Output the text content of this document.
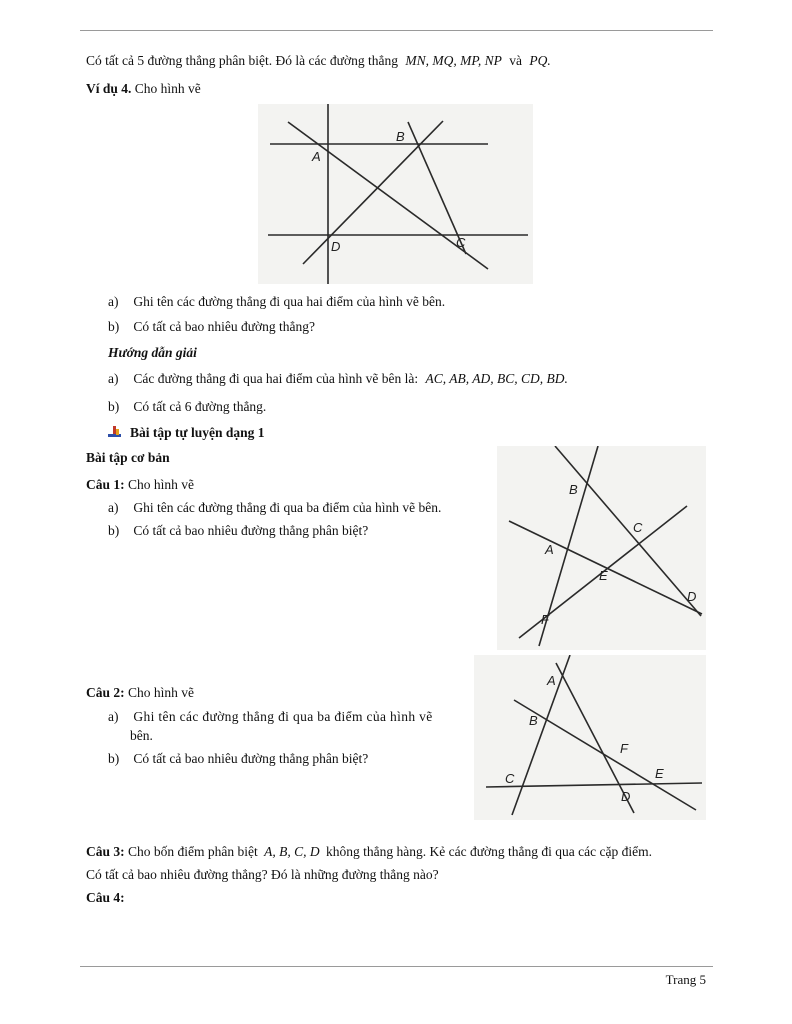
Có tất cả 5 đường thẳng phân biệt. Đó là các đường thẳng MN, MQ, MP, NP và PQ.
Ví dụ 4. Cho hình vẽ
A
B
D	C
a) Ghi tên các đường thẳng đi qua hai điểm của hình vẽ bên.
b) Có tất cả bao nhiêu đường thẳng?
Hướng dẫn giải
a) Các đường thẳng đi qua hai điểm của hình vẽ bên là: AC, AB, AD, BC, CD, BD.
b) Có tất cả 6 đường thẳng.
Bài tập tự luyện dạng 1
Bài tập cơ bản
Câu 1: Cho hình vẽ
a) Ghi tên các đường thẳng đi qua ba điểm của hình vẽ bên.
b) Có tất cả bao nhiêu đường thẳng phân biệt?
B
C
A
E
D
F
A
B
F
C	E
D
Câu 2: Cho hình vẽ
a) Ghi tên các đường thẳng đi qua ba điểm của hình vẽ
bên.
b) Có tất cả bao nhiêu đường thẳng phân biệt?
Câu 3: Cho bốn điểm phân biệt A, B, C, D không thẳng hàng. Kẻ các đường thẳng đi qua các cặp điểm.
Có tất cả bao nhiêu đường thẳng? Đó là những đường thẳng nào?
Câu 4:
Trang 5
